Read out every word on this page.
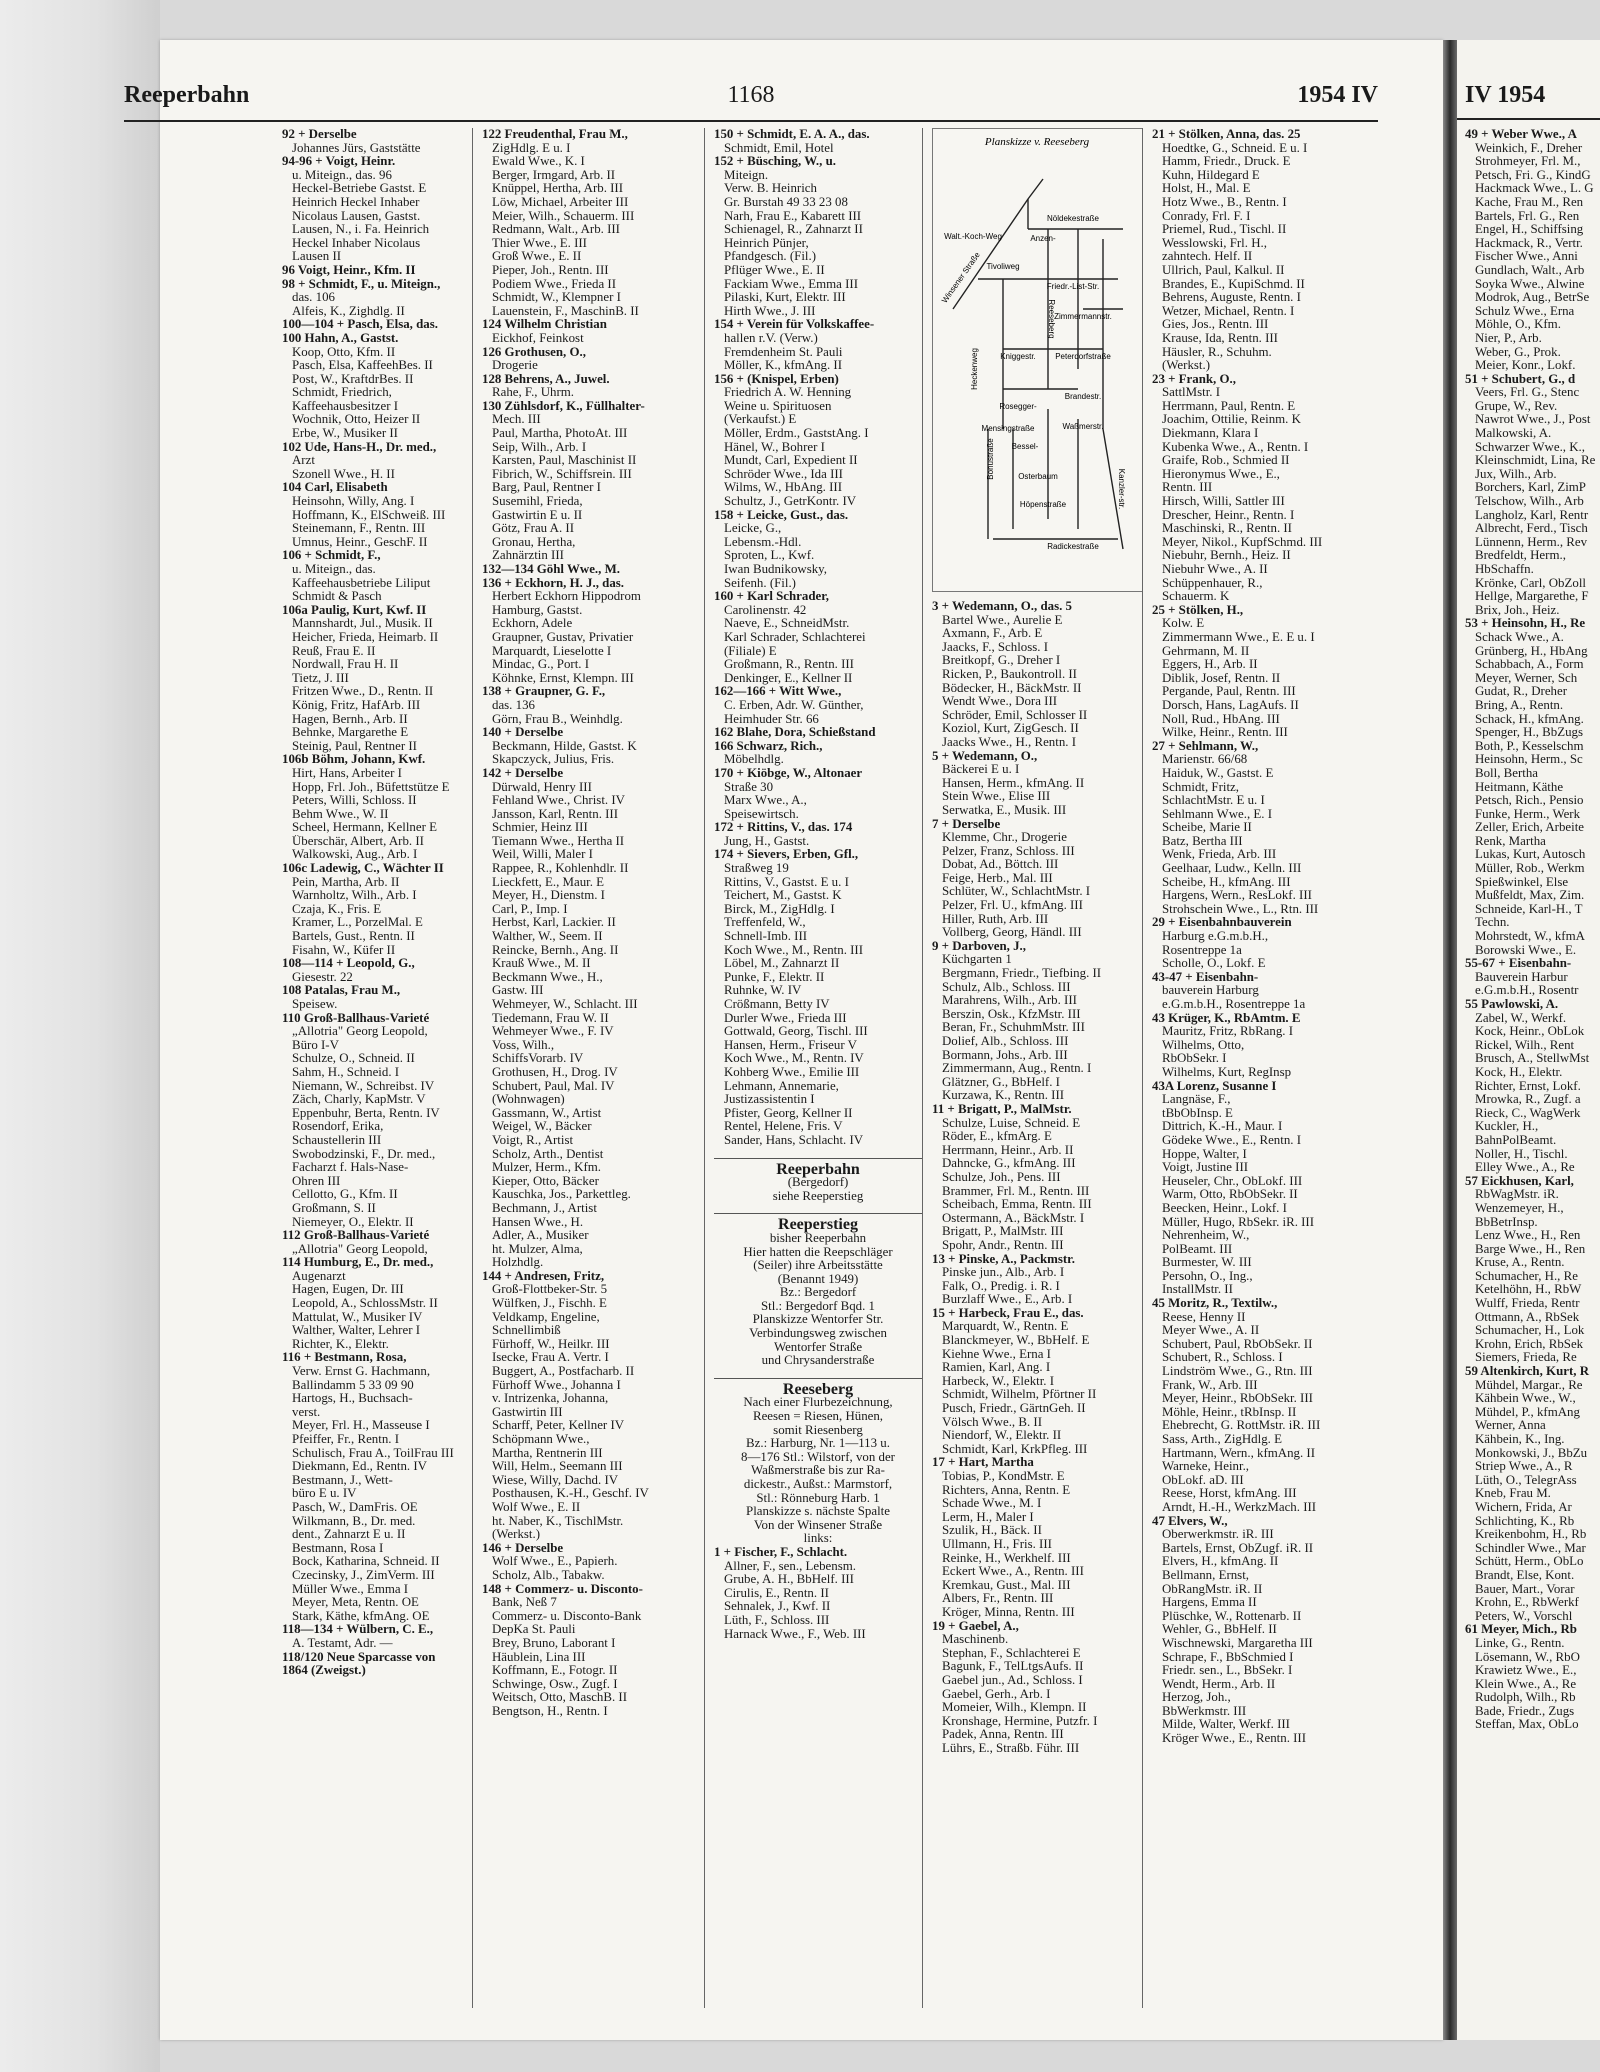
IV 1954
49 + Weber Wwe., A
Weinkich, F., Dreher
Strohmeyer, Frl. M.,
Petsch, Fri. G., KindG
Hackmack Wwe., L. G
Kache, Frau M., Ren
Bartels, Frl. G., Ren
Engel, H., Schiffsing
Hackmack, R., Vertr.
Fischer Wwe., Anni
Gundlach, Walt., Arb
Soyka Wwe., Alwine
Modrok, Aug., BetrSe
Schulz Wwe., Erna
Möhle, O., Kfm.
Nier, P., Arb.
Weber, G., Prok.
Meier, Konr., Lokf.
51 + Schubert, G., d
Veers, Frl. G., Stenc
Grupe, W., Rev.
Nawrot Wwe., J., Post
Malkowski, A.
Schwarzer Wwe., K.,
Kleinschmidt, Lina, Re
Jux, Wilh., Arb.
Borchers, Karl, ZimP
Telschow, Wilh., Arb
Langholz, Karl, Rentr
Albrecht, Ferd., Tisch
Lünnenn, Herm., Rev
Bredfeldt, Herm.,
HbSchaffn.
Krönke, Carl, ObZoll
Hellge, Margarethe, F
Brix, Joh., Heiz.
53 + Heinsohn, H., Re
Schack Wwe., A.
Grünberg, H., HbAng
Schabbach, A., Form
Meyer, Werner, Sch
Gudat, R., Dreher
Bring, A., Rentn.
Schack, H., kfmAng.
Spenger, H., BbZugs
Both, P., Kesselschm
Heinsohn, Herm., Sc
Boll, Bertha
Heitmann, Käthe
Petsch, Rich., Pensio
Funke, Herm., Werk
Zeller, Erich, Arbeite
Renk, Martha
Lukas, Kurt, Autosch
Müller, Rob., Werkm
Spießwinkel, Else
Mußfeldt, Max, Zim.
Schneide, Karl-H., T
Techn.
Mohrstedt, W., kfmA
Borowski Wwe., E.
55-67 + Eisenbahn-
Bauverein Harbur
e.G.m.b.H., Rosentr
55 Pawlowski, A.
Zabel, W., Werkf.
Kock, Heinr., ObLok
Rickel, Wilh., Rent
Brusch, A., StellwMst
Kock, H., Elektr.
Richter, Ernst, Lokf.
Mrowka, R., Zugf. a
Rieck, C., WagWerk
Kuckler, H.,
BahnPolBeamt.
Noller, H., Tischl.
Elley Wwe., A., Re
57 Eickhusen, Karl,
RbWagMstr. iR.
Wenzemeyer, H.,
BbBetrInsp.
Lenz Wwe., H., Ren
Barge Wwe., H., Ren
Kruse, A., Rentn.
Schumacher, H., Re
Ketelhöhn, H., RbW
Wulff, Frieda, Rentr
Ottmann, A., RbSek
Schumacher, H., Lok
Krohn, Erich, RbSek
Siemers, Frieda, Re
59 Altenkirch, Kurt, R
Mühdel, Margar., Re
Kähbein Wwe., W.,
Mühdel, P., kfmAng
Werner, Anna
Kähbein, K., Ing.
Monkowski, J., BbZu
Striep Wwe., A., R
Lüth, O., TelegrAss
Kneb, Frau M.
Wichern, Frida, Ar
Schlichting, K., Rb
Kreikenbohm, H., Rb
Schindler Wwe., Mar
Schütt, Herm., ObLo
Brandt, Else, Kont.
Bauer, Mart., Vorar
Krohn, E., RbWerkf
Peters, W., Vorschl
61 Meyer, Mich., Rb
Linke, G., Rentn.
Lösemann, W., RbO
Krawietz Wwe., E.,
Klein Wwe., A., Re
Rudolph, Wilh., Rb
Bade, Friedr., Zugs
Steffan, Max, ObLo
Reeperbahn	1168	1954 IV
92 + Derselbe
Johannes Jürs, Gaststätte
94-96 + Voigt, Heinr.
u. Miteign., das. 96
Heckel-Betriebe Gastst. E
Heinrich Heckel Inhaber
Nicolaus Lausen, Gastst.
Lausen, N., i. Fa. Heinrich
Heckel Inhaber Nicolaus
Lausen II
96 Voigt, Heinr., Kfm. II
98 + Schmidt, F., u. Miteign.,
das. 106
Alfeis, K., Zighdlg. II
100—104 + Pasch, Elsa, das.
100 Hahn, A., Gastst.
Koop, Otto, Kfm. II
Pasch, Elsa, KaffeehBes. II
Post, W., KraftdrBes. II
Schmidt, Friedrich,
Kaffeehausbesitzer I
Wochnik, Otto, Heizer II
Erbe, W., Musiker II
102 Ude, Hans-H., Dr. med.,
Arzt
Szonell Wwe., H. II
104 Carl, Elisabeth
Heinsohn, Willy, Ang. I
Hoffmann, K., ElSchweiß. III
Steinemann, F., Rentn. III
Umnus, Heinr., GeschF. II
106 + Schmidt, F.,
u. Miteign., das.
Kaffeehausbetriebe Liliput
Schmidt & Pasch
106a Paulig, Kurt, Kwf. II
Mannshardt, Jul., Musik. II
Heicher, Frieda, Heimarb. II
Reuß, Frau E. II
Nordwall, Frau H. II
Tietz, J. III
Fritzen Wwe., D., Rentn. II
König, Fritz, HafArb. III
Hagen, Bernh., Arb. II
Behnke, Margarethe E
Steinig, Paul, Rentner II
106b Böhm, Johann, Kwf.
Hirt, Hans, Arbeiter I
Hopp, Frl. Joh., Büfettstütze E
Peters, Willi, Schloss. II
Behm Wwe., W. II
Scheel, Hermann, Kellner E
Überschär, Albert, Arb. II
Walkowski, Aug., Arb. I
106c Ladewig, C., Wächter II
Pein, Martha, Arb. II
Warnholtz, Wilh., Arb. I
Czaja, K., Fris. E
Kramer, L., PorzelMal. E
Bartels, Gust., Rentn. II
Fisahn, W., Küfer II
108—114 + Leopold, G.,
Giesestr. 22
108 Patalas, Frau M.,
Speisew.
110 Groß-Ballhaus-Varieté
„Allotria" Georg Leopold,
Büro I-V
Schulze, O., Schneid. II
Sahm, H., Schneid. I
Niemann, W., Schreibst. IV
Zäch, Charly, KapMstr. V
Eppenbuhr, Berta, Rentn. IV
Rosendorf, Erika,
Schaustellerin III
Swobodzinski, F., Dr. med.,
Facharzt f. Hals-Nase-
Ohren III
Cellotto, G., Kfm. II
Großmann, S. II
Niemeyer, O., Elektr. II
112 Groß-Ballhaus-Varieté
„Allotria" Georg Leopold,
114 Humburg, E., Dr. med.,
Augenarzt
Hagen, Eugen, Dr. III
Leopold, A., SchlossMstr. II
Mattulat, W., Musiker IV
Walther, Walter, Lehrer I
Richter, K., Elektr.
116 + Bestmann, Rosa,
Verw. Ernst G. Hachmann,
Ballindamm 5 33 09 90
Hartogs, H., Buchsach-
verst.
Meyer, Frl. H., Masseuse I
Pfeiffer, Fr., Rentn. I
Schulisch, Frau A., ToilFrau III
Diekmann, Ed., Rentn. IV
Bestmann, J., Wett-
büro E u. IV
Pasch, W., DamFris. OE
Wilkmann, B., Dr. med.
dent., Zahnarzt E u. II
Bestmann, Rosa I
Bock, Katharina, Schneid. II
Czecinsky, J., ZimVerm. III
Müller Wwe., Emma I
Meyer, Meta, Rentn. OE
Stark, Käthe, kfmAng. OE
118—134 + Wülbern, C. E.,
A. Testamt, Adr. —
118/120 Neue Sparcasse von
1864 (Zweigst.)
122 Freudenthal, Frau M.,
ZigHdlg. E u. I
Ewald Wwe., K. I
Berger, Irmgard, Arb. II
Knüppel, Hertha, Arb. III
Löw, Michael, Arbeiter III
Meier, Wilh., Schauerm. III
Redmann, Walt., Arb. III
Thier Wwe., E. III
Groß Wwe., E. II
Pieper, Joh., Rentn. III
Podiem Wwe., Frieda II
Schmidt, W., Klempner I
Lauenstein, F., MaschinB. II
124 Wilhelm Christian
Eickhof, Feinkost
126 Grothusen, O.,
Drogerie
128 Behrens, A., Juwel.
Rahe, F., Uhrm.
130 Zühlsdorf, K., Füllhalter-
Mech. III
Paul, Martha, PhotoAt. III
Seip, Wilh., Arb. I
Karsten, Paul, Maschinist II
Fibrich, W., Schiffsrein. III
Barg, Paul, Rentner I
Susemihl, Frieda,
Gastwirtin E u. II
Götz, Frau A. II
Gronau, Hertha,
Zahnärztin III
132—134 Göhl Wwe., M.
136 + Eckhorn, H. J., das.
Herbert Eckhorn Hippodrom
Hamburg, Gastst.
Eckhorn, Adele
Graupner, Gustav, Privatier
Marquardt, Lieselotte I
Mindac, G., Port. I
Köhnke, Ernst, Klempn. III
138 + Graupner, G. F.,
das. 136
Görn, Frau B., Weinhdlg.
140 + Derselbe
Beckmann, Hilde, Gastst. K
Skapczyck, Julius, Fris.
142 + Derselbe
Dürwald, Henry III
Fehland Wwe., Christ. IV
Jansson, Karl, Rentn. III
Schmier, Heinz III
Tiemann Wwe., Hertha II
Weil, Willi, Maler I
Rappee, R., Kohlenhdlr. II
Lieckfett, E., Maur. E
Meyer, H., Dienstm. I
Carl, P., Imp. I
Herbst, Karl, Lackier. II
Walther, W., Seem. II
Reincke, Bernh., Ang. II
Krauß Wwe., M. II
Beckmann Wwe., H.,
Gastw. III
Wehmeyer, W., Schlacht. III
Tiedemann, Frau W. II
Wehmeyer Wwe., F. IV
Voss, Wilh.,
SchiffsVorarb. IV
Grothusen, H., Drog. IV
Schubert, Paul, Mal. IV
(Wohnwagen)
Gassmann, W., Artist
Weigel, W., Bäcker
Voigt, R., Artist
Scholz, Arth., Dentist
Mulzer, Herm., Kfm.
Kieper, Otto, Bäcker
Kauschka, Jos., Parkettleg.
Bechmann, J., Artist
Hansen Wwe., H.
Adler, A., Musiker
ht. Mulzer, Alma,
Holzhdlg.
144 + Andresen, Fritz,
Groß-Flottbeker-Str. 5
Wülfken, J., Fischh. E
Veldkamp, Engeline,
Schnellimbiß
Fürhoff, W., Heilkr. III
Isecke, Frau A. Vertr. I
Buggert, A., Postfacharb. II
Fürhoff Wwe., Johanna I
v. Intrizenka, Johanna,
Gastwirtin III
Scharff, Peter, Kellner IV
Schöpmann Wwe.,
Martha, Rentnerin III
Will, Helm., Seemann III
Wiese, Willy, Dachd. IV
Posthausen, K.-H., Geschf. IV
Wolf Wwe., E. II
ht. Naber, K., TischlMstr.
(Werkst.)
146 + Derselbe
Wolf Wwe., E., Papierh.
Scholz, Alb., Tabakw.
148 + Commerz- u. Disconto-
Bank, Neß 7
Commerz- u. Disconto-Bank
DepKa St. Pauli
Brey, Bruno, Laborant I
Häublein, Lina III
Koffmann, E., Fotogr. II
Schwinge, Osw., Zugf. I
Weitsch, Otto, MaschB. II
Bengtson, H., Rentn. I
150 + Schmidt, E. A. A., das.
Schmidt, Emil, Hotel
152 + Büsching, W., u.
Miteign.
Verw. B. Heinrich
Gr. Burstah 49 33 23 08
Narh, Frau E., Kabarett III
Schienagel, R., Zahnarzt II
Heinrich Pünjer,
Pfandgesch. (Fil.)
Pflüger Wwe., E. II
Fackiam Wwe., Emma III
Pilaski, Kurt, Elektr. III
Hirth Wwe., J. III
154 + Verein für Volkskaffee-
hallen r.V. (Verw.)
Fremdenheim St. Pauli
Möller, K., kfmAng. II
156 + (Knispel, Erben)
Friedrich A. W. Henning
Weine u. Spirituosen
(Verkaufst.) E
Möller, Erdm., GaststAng. I
Hänel, W., Bohrer I
Mundt, Carl, Expedient II
Schröder Wwe., Ida III
Wilms, W., HbAng. III
Schultz, J., GetrKontr. IV
158 + Leicke, Gust., das.
Leicke, G.,
Lebensm.-Hdl.
Sproten, L., Kwf.
Iwan Budnikowsky,
Seifenh. (Fil.)
160 + Karl Schrader,
Carolinenstr. 42
Naeve, E., SchneidMstr.
Karl Schrader, Schlachterei
(Filiale) E
Großmann, R., Rentn. III
Denkinger, E., Kellner II
162—166 + Witt Wwe.,
C. Erben, Adr. W. Günther,
Heimhuder Str. 66
162 Blahe, Dora, Schießstand
166 Schwarz, Rich.,
Möbelhdlg.
170 + Kiöbge, W., Altonaer
Straße 30
Marx Wwe., A.,
Speisewirtsch.
172 + Rittins, V., das. 174
Jung, H., Gastst.
174 + Sievers, Erben, Gfl.,
Straßweg 19
Rittins, V., Gastst. E u. I
Teichert, M., Gastst. K
Birck, M., ZigHdlg. I
Treffenfeld, W.,
Schnell-Imb. III
Koch Wwe., M., Rentn. III
Löbel, M., Zahnarzt II
Punke, F., Elektr. II
Ruhnke, W. IV
Crößmann, Betty IV
Durler Wwe., Frieda III
Gottwald, Georg, Tischl. III
Hansen, Herm., Friseur V
Koch Wwe., M., Rentn. IV
Kohberg Wwe., Emilie III
Lehmann, Annemarie,
Justizassistentin I
Pfister, Georg, Kellner II
Rentel, Helene, Fris. V
Sander, Hans, Schlacht. IV
Reeperbahn
(Bergedorf)
siehe Reeperstieg
Reeperstieg
bisher Reeperbahn
Hier hatten die Reepschläger
(Seiler) ihre Arbeitsstätte
(Benannt 1949)
Bz.: Bergedorf
Stl.: Bergedorf Bqd. 1
Planskizze Wentorfer Str.
Verbindungsweg zwischen
Wentorfer Straße
und Chrysanderstraße
Reeseberg
Nach einer Flurbezeichnung,
Reesen = Riesen, Hünen,
somit Riesenberg
Bz.: Harburg, Nr. 1—113 u.
8—176 Stl.: Wilstorf, von der
Waßmerstraße bis zur Ra-
dickestr., Außst.: Marmstorf,
Stl.: Rönneburg Harb. 1
Planskizze s. nächste Spalte
Von der Winsener Straße
links:
1 + Fischer, F., Schlacht.
Allner, F., sen., Lebensm.
Grube, A. H., BbHelf. III
Cirulis, E., Rentn. II
Sehnalek, J., Kwf. II
Lüth, F., Schloss. III
Harnack Wwe., F., Web. III
Planskizze v. Reeseberg
Winsener Straße
Nöldekestraße
Walt.-Koch-Weg	Anzen-
Tivoliweg
Friedr.-List-Str.
Zimmermannstr.
Kniggestr. Peterdorfstraße
Rosegger-
Brandestr.
Mensingstraße	Waßmerstr.
Bessel-
Osterbaum
Höpenstraße
Radickestraße
Kanzler-str.
Heckenweg
Reeseberg
Bonustraße
3 + Wedemann, O., das. 5
Bartel Wwe., Aurelie E
Axmann, F., Arb. E
Jaacks, F., Schloss. I
Breitkopf, G., Dreher I
Ricken, P., Baukontroll. II
Bödecker, H., BäckMstr. II
Wendt Wwe., Dora III
Schröder, Emil, Schlosser II
Koziol, Kurt, ZigGesch. II
Jaacks Wwe., H., Rentn. I
5 + Wedemann, O.,
Bäckerei E u. I
Hansen, Herm., kfmAng. II
Stein Wwe., Elise III
Serwatka, E., Musik. III
7 + Derselbe
Klemme, Chr., Drogerie
Pelzer, Franz, Schloss. III
Dobat, Ad., Böttch. III
Feige, Herb., Mal. III
Schlüter, W., SchlachtMstr. I
Pelzer, Frl. U., kfmAng. III
Hiller, Ruth, Arb. III
Vollberg, Georg, Händl. III
9 + Darboven, J.,
Küchgarten 1
Bergmann, Friedr., Tiefbing. II
Schulz, Alb., Schloss. III
Marahrens, Wilh., Arb. III
Berszin, Osk., KfzMstr. III
Beran, Fr., SchuhmMstr. III
Dolief, Alb., Schloss. III
Bormann, Johs., Arb. III
Zimmermann, Aug., Rentn. I
Glätzner, G., BbHelf. I
Kurzawa, K., Rentn. III
11 + Brigatt, P., MalMstr.
Schulze, Luise, Schneid. E
Röder, E., kfmArg. E
Herrmann, Heinr., Arb. II
Dahncke, G., kfmAng. III
Schulze, Joh., Pens. III
Brammer, Frl. M., Rentn. III
Scheibach, Emma, Rentn. III
Ostermann, A., BäckMstr. I
Brigatt, P., MalMstr. III
Spohr, Andr., Rentn. III
13 + Pinske, A., Packmstr.
Pinske jun., Alb., Arb. I
Falk, O., Predig. i. R. I
Burzlaff Wwe., E., Arb. I
15 + Harbeck, Frau E., das.
Marquardt, W., Rentn. E
Blanckmeyer, W., BbHelf. E
Kiehne Wwe., Erna I
Ramien, Karl, Ang. I
Harbeck, W., Elektr. I
Schmidt, Wilhelm, Pförtner II
Pusch, Friedr., GärtnGeh. II
Völsch Wwe., B. II
Niendorf, W., Elektr. II
Schmidt, Karl, KrkPfleg. III
17 + Hart, Martha
Tobias, P., KondMstr. E
Richters, Anna, Rentn. E
Schade Wwe., M. I
Lerm, H., Maler I
Szulik, H., Bäck. II
Ullmann, H., Fris. III
Reinke, H., Werkhelf. III
Eckert Wwe., A., Rentn. III
Kremkau, Gust., Mal. III
Albers, Fr., Rentn. III
Kröger, Minna, Rentn. III
19 + Gaebel, A.,
Maschinenb.
Stephan, F., Schlachterei E
Bagunk, F., TelLtgsAufs. II
Gaebel jun., Ad., Schloss. I
Gaebel, Gerh., Arb. I
Momeier, Wilh., Klempn. II
Kronshage, Hermine, Putzfr. I
Padek, Anna, Rentn. III
Lührs, E., Straßb. Führ. III
21 + Stölken, Anna, das. 25
Hoedtke, G., Schneid. E u. I
Hamm, Friedr., Druck. E
Kuhn, Hildegard E
Holst, H., Mal. E
Hotz Wwe., B., Rentn. I
Conrady, Frl. F. I
Priemel, Rud., Tischl. II
Wesslowski, Frl. H.,
zahntech. Helf. II
Ullrich, Paul, Kalkul. II
Brandes, E., KupiSchmd. II
Behrens, Auguste, Rentn. I
Wetzer, Michael, Rentn. I
Gies, Jos., Rentn. III
Krause, Ida, Rentn. III
Häusler, R., Schuhm.
(Werkst.)
23 + Frank, O.,
SattlMstr. I
Herrmann, Paul, Rentn. E
Joachim, Ottilie, Reinm. K
Diekmann, Klara I
Kubenka Wwe., A., Rentn. I
Graife, Rob., Schmied II
Hieronymus Wwe., E.,
Rentn. III
Hirsch, Willi, Sattler III
Drescher, Heinr., Rentn. I
Maschinski, R., Rentn. II
Meyer, Nikol., KupfSchmd. III
Niebuhr, Bernh., Heiz. II
Niebuhr Wwe., A. II
Schüppenhauer, R.,
Schauerm. K
25 + Stölken, H.,
Kolw. E
Zimmermann Wwe., E. E u. I
Gehrmann, M. II
Eggers, H., Arb. II
Diblik, Josef, Rentn. II
Pergande, Paul, Rentn. III
Dorsch, Hans, LagAufs. II
Noll, Rud., HbAng. III
Wilke, Heinr., Rentn. III
27 + Sehlmann, W.,
Marienstr. 66/68
Haiduk, W., Gastst. E
Schmidt, Fritz,
SchlachtMstr. E u. I
Sehlmann Wwe., E. I
Scheibe, Marie II
Batz, Bertha III
Wenk, Frieda, Arb. III
Geelhaar, Ludw., Kelln. III
Scheibe, H., kfmAng. III
Hargens, Wern., ResLokf. III
Strohschein Wwe., L., Rtn. III
29 + Eisenbahnbauverein
Harburg e.G.m.b.H.,
Rosentreppe 1a
Scholle, O., Lokf. E
43-47 + Eisenbahn-
bauverein Harburg
e.G.m.b.H., Rosentreppe 1a
43 Krüger, K., RbAmtm. E
Mauritz, Fritz, RbRang. I
Wilhelms, Otto,
RbObSekr. I
Wilhelms, Kurt, RegInsp
43A Lorenz, Susanne I
Langnäse, F.,
tBbObInsp. E
Dittrich, K.-H., Maur. I
Gödeke Wwe., E., Rentn. I
Hoppe, Walter, I
Voigt, Justine III
Heuseler, Chr., ObLokf. III
Warm, Otto, RbObSekr. II
Beecken, Heinr., Lokf. I
Müller, Hugo, RbSekr. iR. III
Nehrenheim, W.,
PolBeamt. III
Burmester, W. III
Persohn, O., Ing.,
InstallMstr. II
45 Moritz, R., Textilw.,
Reese, Henny II
Meyer Wwe., A. II
Schubert, Paul, RbObSekr. II
Schubert, R., Schloss. I
Lindström Wwe., G., Rtn. III
Frank, W., Arb. III
Meyer, Heinr., RbObSekr. III
Möhle, Heinr., tRbInsp. II
Ehebrecht, G. RottMstr. iR. III
Sass, Arth., ZigHdlg. E
Hartmann, Wern., kfmAng. II
Warneke, Heinr.,
ObLokf. aD. III
Reese, Horst, kfmAng. III
Arndt, H.-H., WerkzMach. III
47 Elvers, W.,
Oberwerkmstr. iR. III
Bartels, Ernst, ObZugf. iR. II
Elvers, H., kfmAng. II
Bellmann, Ernst,
ObRangMstr. iR. II
Hargens, Emma II
Plüschke, W., Rottenarb. II
Wehler, G., BbHelf. II
Wischnewski, Margaretha III
Schrape, F., BbSchmied I
Friedr. sen., L., BbSekr. I
Wendt, Herm., Arb. II
Herzog, Joh.,
BbWerkmstr. III
Milde, Walter, Werkf. III
Kröger Wwe., E., Rentn. III
